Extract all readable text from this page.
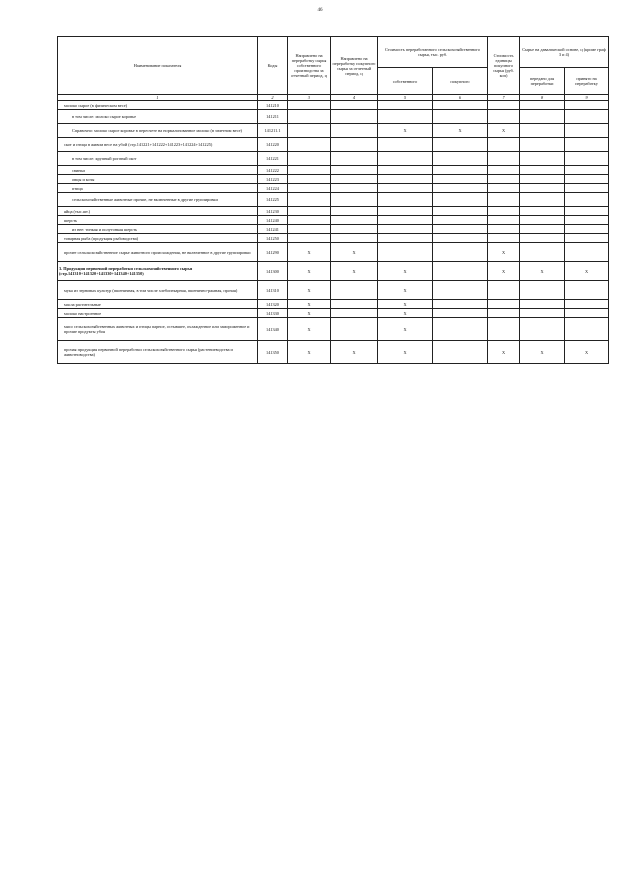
46
Наименование показателя	Коды	Направлено на переработку сырья собственного производства за отчетный период, ц	Направлено на переработку покупного сырья за отчетный период, ц	Стоимость переработанного сельскохозяйственного сырья, тыс. руб.		Стоимость единицы покупного сырья (руб. коп)	Сырье на давальческой основе, ц (кроме граф 3 и 4)	
				собственного	покупного		передано для переработки	принято на переработку
1	2	3	4	5	6	7	8	9
молоко сырое (в физическом весе)	141210							
в том числе: молоко сырое коровье	141211							
Справочно: молоко сырое коровье в пересчете на нормализованное молоко (в зачетном весе)	141211.1			X	X	X		
скот и птица в живом весе на убой (стр.141221+141222+141223+141224+141225)	141220							
в том числе: крупный рогатый скот	141221							
свиньи	141222							
овцы и козы	141223							
птица	141224							
сельскохозяйственные животные прочие, не включенные в другие группировки	141225							
яйца (тыс.шт.)	141230							
шерсть	141240							
из нее: тонкая и полутонкая шерсть	141241							
товарная рыба (продукция рыбоводства)	141250							
прочее сельскохозяйственное сырье животного происхождения, не включенное в другие группировки	141290	X	X			X		
3. Продукция первичной переработки сельскохозяйственного сырья (стр.141310+141320+141330+141340+141350)	141300	X	X	X		X	X	X
мука из зерновых культур (пшеничная, в том числе хлебопекарная, пшенично-ржаная, прочая)	141310	X		X				
масла растительные	141320	X		X				
молоко настроенное	141330	X		X				
мясо сельскохозяйственных животных и птицы парное, остывшее, охлажденное или замороженное и прочие продукты убоя	141340	X		X				
прочая продукция первичной переработки сельскохозяйственного сырья (растениеводства и животноводства)	141350	X	X	X		X	X	X
